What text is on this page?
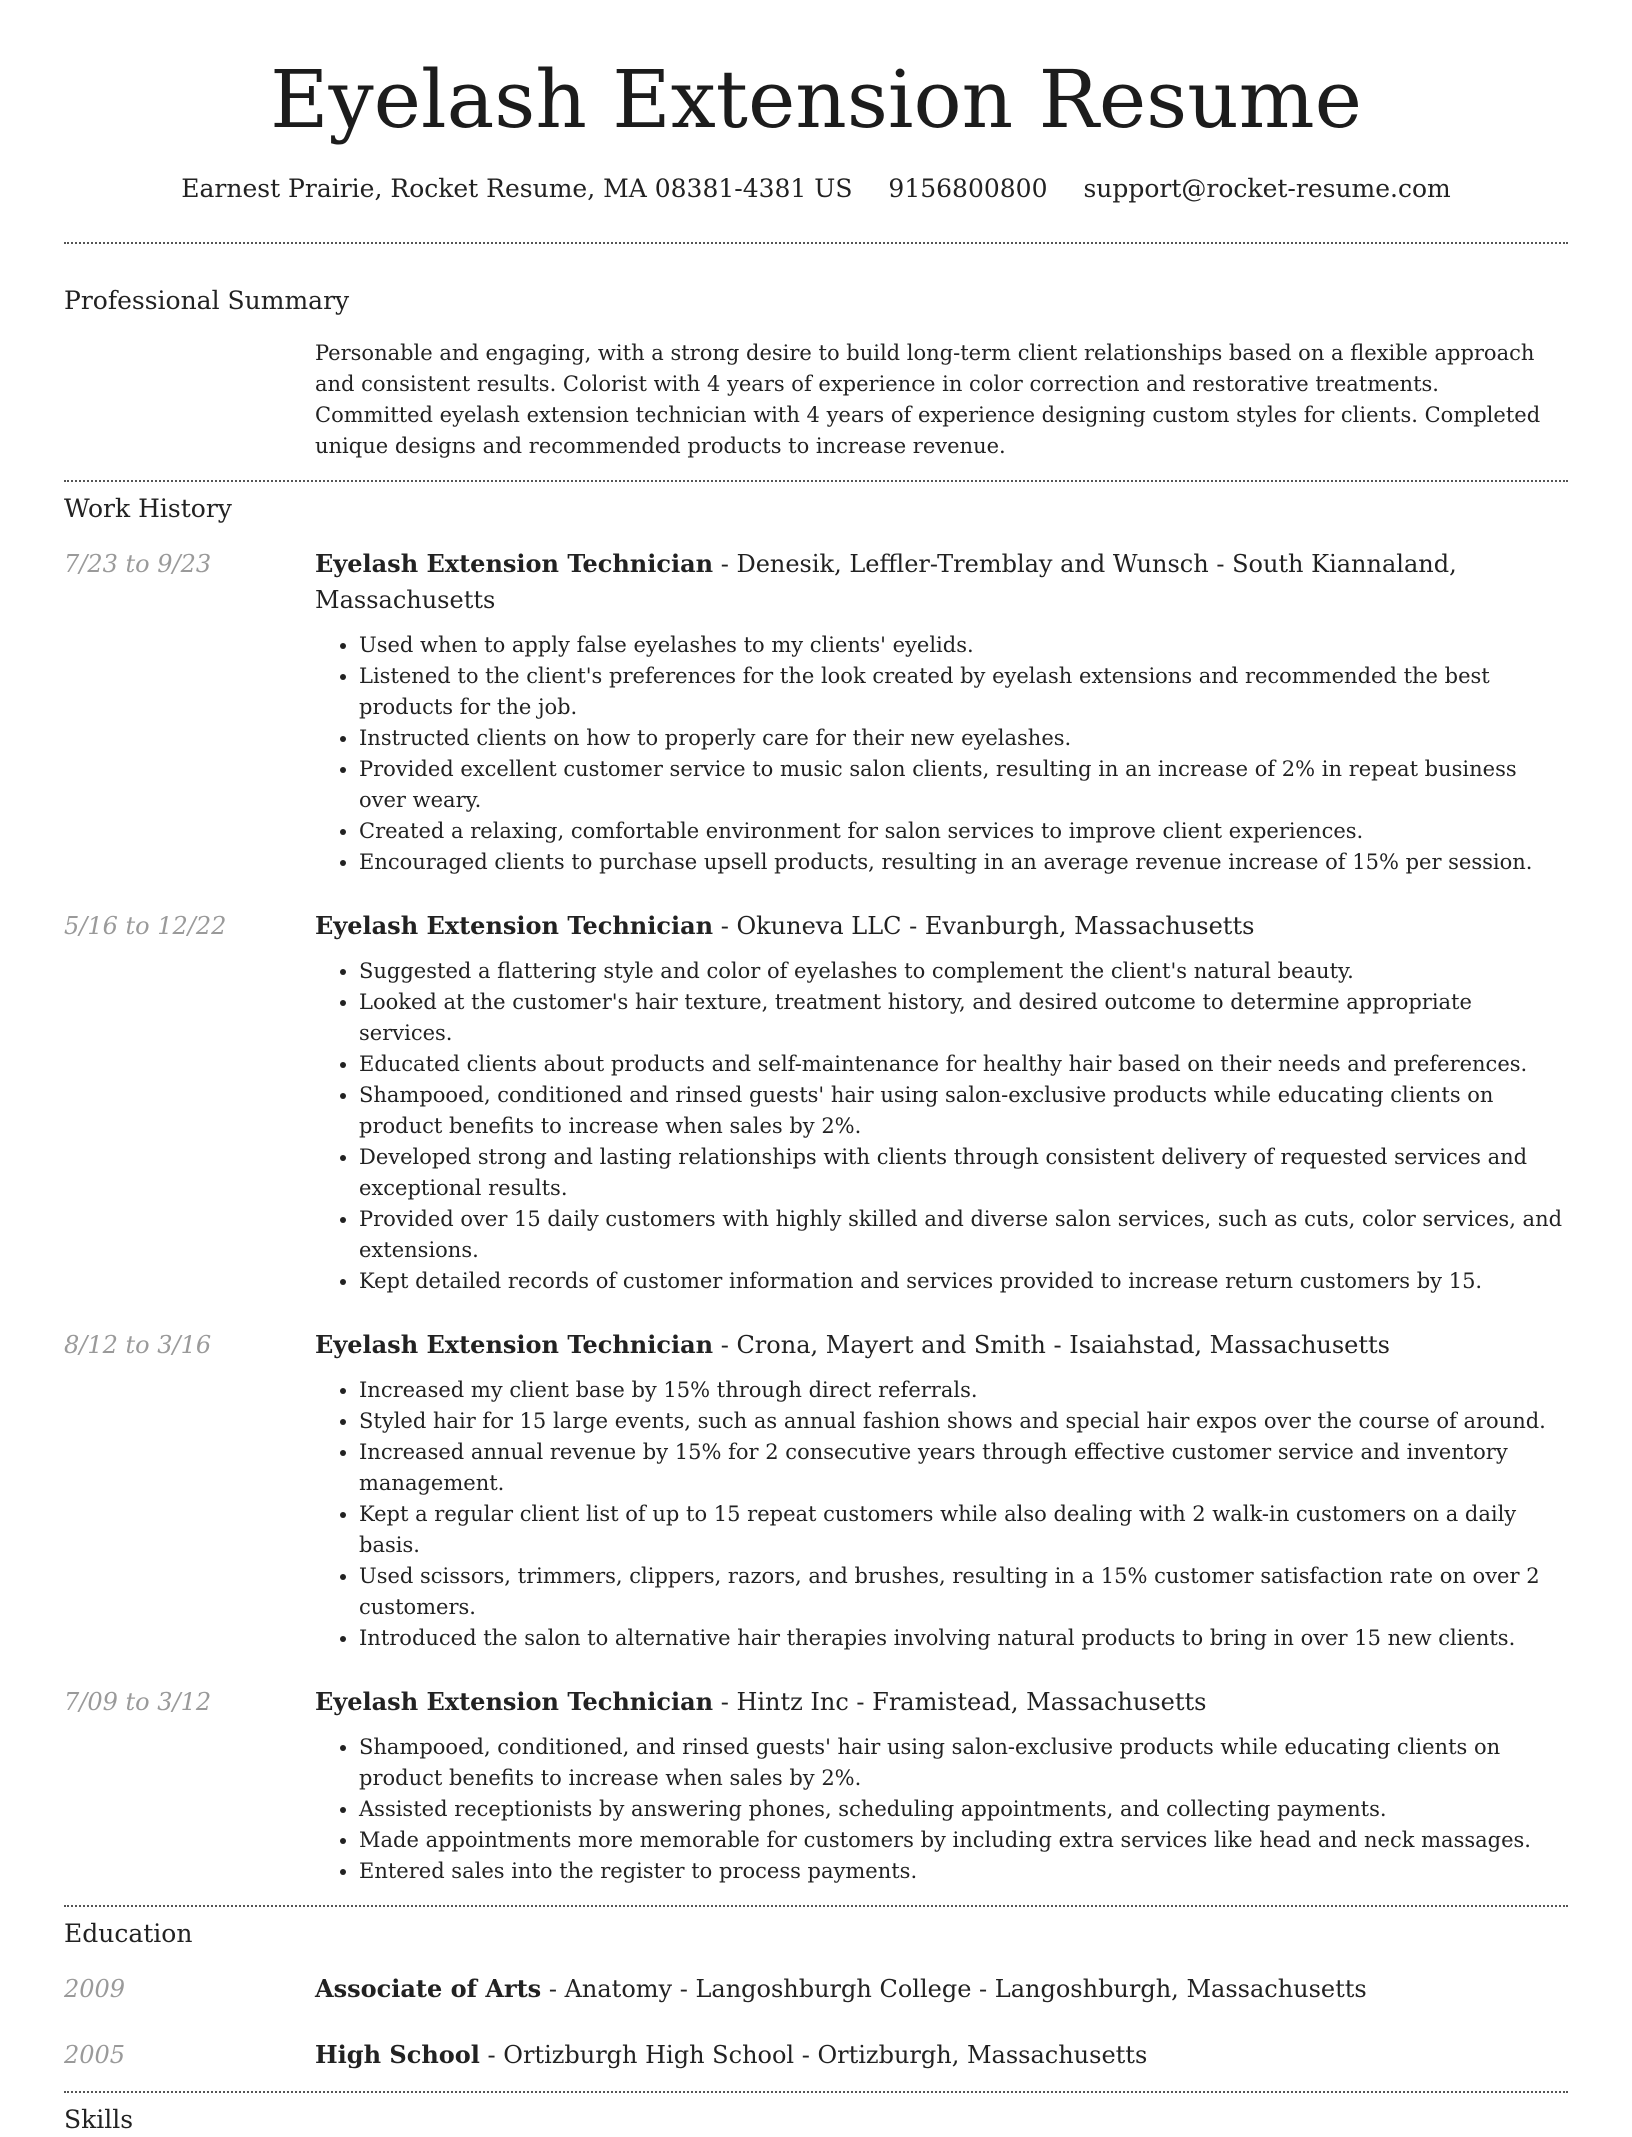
Eyelash Extension Resume
Earnest Prairie, Rocket Resume, MA 08381-4381 US 9156800800 support@rocket-resume.com
Professional Summary
Personable and engaging, with a strong desire to build long-term client relationships based on a flexible approach and consistent results. Colorist with 4 years of experience in color correction and restorative treatments. Committed eyelash extension technician with 4 years of experience designing custom styles for clients. Completed unique designs and recommended products to increase revenue.
Work History
7/23 to 9/23	Eyelash Extension Technician - Denesik, Leffler-Tremblay and Wunsch - South Kiannaland, Massachusetts
• Used when to apply false eyelashes to my clients' eyelids.
• Listened to the client's preferences for the look created by eyelash extensions and recommended the best products for the job.
• Instructed clients on how to properly care for their new eyelashes.
• Provided excellent customer service to music salon clients, resulting in an increase of 2% in repeat business over weary.
• Created a relaxing, comfortable environment for salon services to improve client experiences.
• Encouraged clients to purchase upsell products, resulting in an average revenue increase of 15% per session.
5/16 to 12/22	Eyelash Extension Technician - Okuneva LLC - Evanburgh, Massachusetts
• Suggested a flattering style and color of eyelashes to complement the client's natural beauty.
• Looked at the customer's hair texture, treatment history, and desired outcome to determine appropriate services.
• Educated clients about products and self-maintenance for healthy hair based on their needs and preferences.
• Shampooed, conditioned and rinsed guests' hair using salon-exclusive products while educating clients on product benefits to increase when sales by 2%.
• Developed strong and lasting relationships with clients through consistent delivery of requested services and exceptional results.
• Provided over 15 daily customers with highly skilled and diverse salon services, such as cuts, color services, and extensions.
• Kept detailed records of customer information and services provided to increase return customers by 15.
8/12 to 3/16	Eyelash Extension Technician - Crona, Mayert and Smith - Isaiahstad, Massachusetts
• Increased my client base by 15% through direct referrals.
• Styled hair for 15 large events, such as annual fashion shows and special hair expos over the course of around.
• Increased annual revenue by 15% for 2 consecutive years through effective customer service and inventory management.
• Kept a regular client list of up to 15 repeat customers while also dealing with 2 walk-in customers on a daily basis.
• Used scissors, trimmers, clippers, razors, and brushes, resulting in a 15% customer satisfaction rate on over 2 customers.
• Introduced the salon to alternative hair therapies involving natural products to bring in over 15 new clients.
7/09 to 3/12	Eyelash Extension Technician - Hintz Inc - Framistead, Massachusetts
• Shampooed, conditioned, and rinsed guests' hair using salon-exclusive products while educating clients on product benefits to increase when sales by 2%.
• Assisted receptionists by answering phones, scheduling appointments, and collecting payments.
• Made appointments more memorable for customers by including extra services like head and neck massages.
• Entered sales into the register to process payments.
Education
2009	Associate of Arts - Anatomy - Langoshburgh College - Langoshburgh, Massachusetts
2005	High School - Ortizburgh High School - Ortizburgh, Massachusetts
Skills
